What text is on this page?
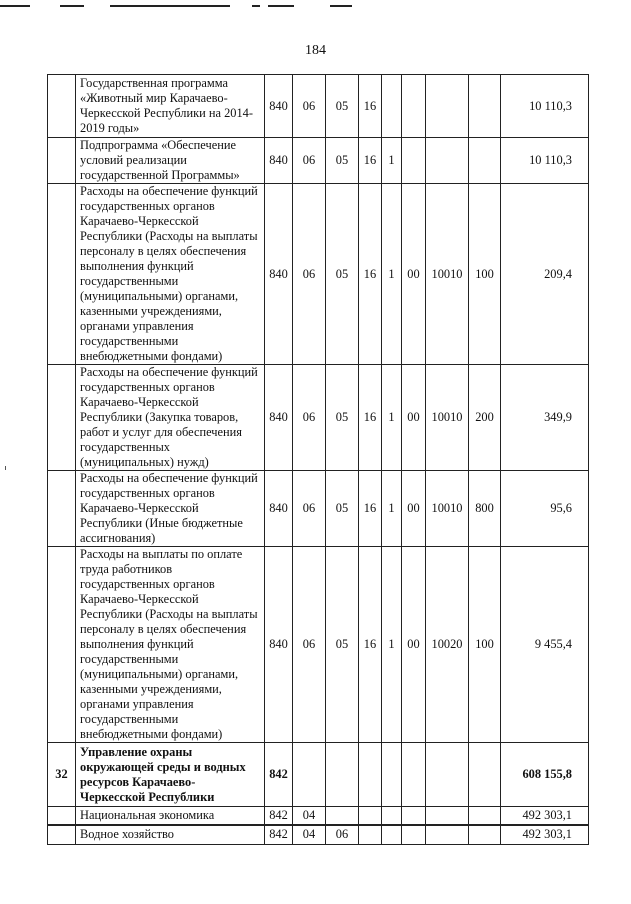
184
	Государственная программа «Животный мир Карачаево-Черкесской Республики на 2014-2019 годы»	840	06	05	16					10 110,3
	Подпрограмма «Обеспечение условий реализации государственной Программы»	840	06	05	16	1				10 110,3
	Расходы на обеспечение функций государственных органов Карачаево-Черкесской Республики (Расходы на выплаты персоналу в целях обеспечения выполнения функций государственными (муниципальными) органами, казенными учреждениями, органами управления государственными внебюджетными фондами)	840	06	05	16	1	00	10010	100	209,4
	Расходы на обеспечение функций государственных органов Карачаево-Черкесской Республики (Закупка товаров, работ и услуг для обеспечения государственных (муниципальных) нужд)	840	06	05	16	1	00	10010	200	349,9
	Расходы на обеспечение функций государственных органов Карачаево-Черкесской Республики (Иные бюджетные ассигнования)	840	06	05	16	1	00	10010	800	95,6
	Расходы на выплаты по оплате труда работников государственных органов Карачаево-Черкесской Республики (Расходы на выплаты персоналу в целях обеспечения выполнения функций государственными (муниципальными) органами, казенными учреждениями, органами управления государственными внебюджетными фондами)	840	06	05	16	1	00	10020	100	9 455,4
32	Управление охраны окружающей среды и водных ресурсов Карачаево-Черкесской Республики	842								608 155,8
	Национальная экономика	842	04							492 303,1
	Водное хозяйство	842	04	06						492 303,1
